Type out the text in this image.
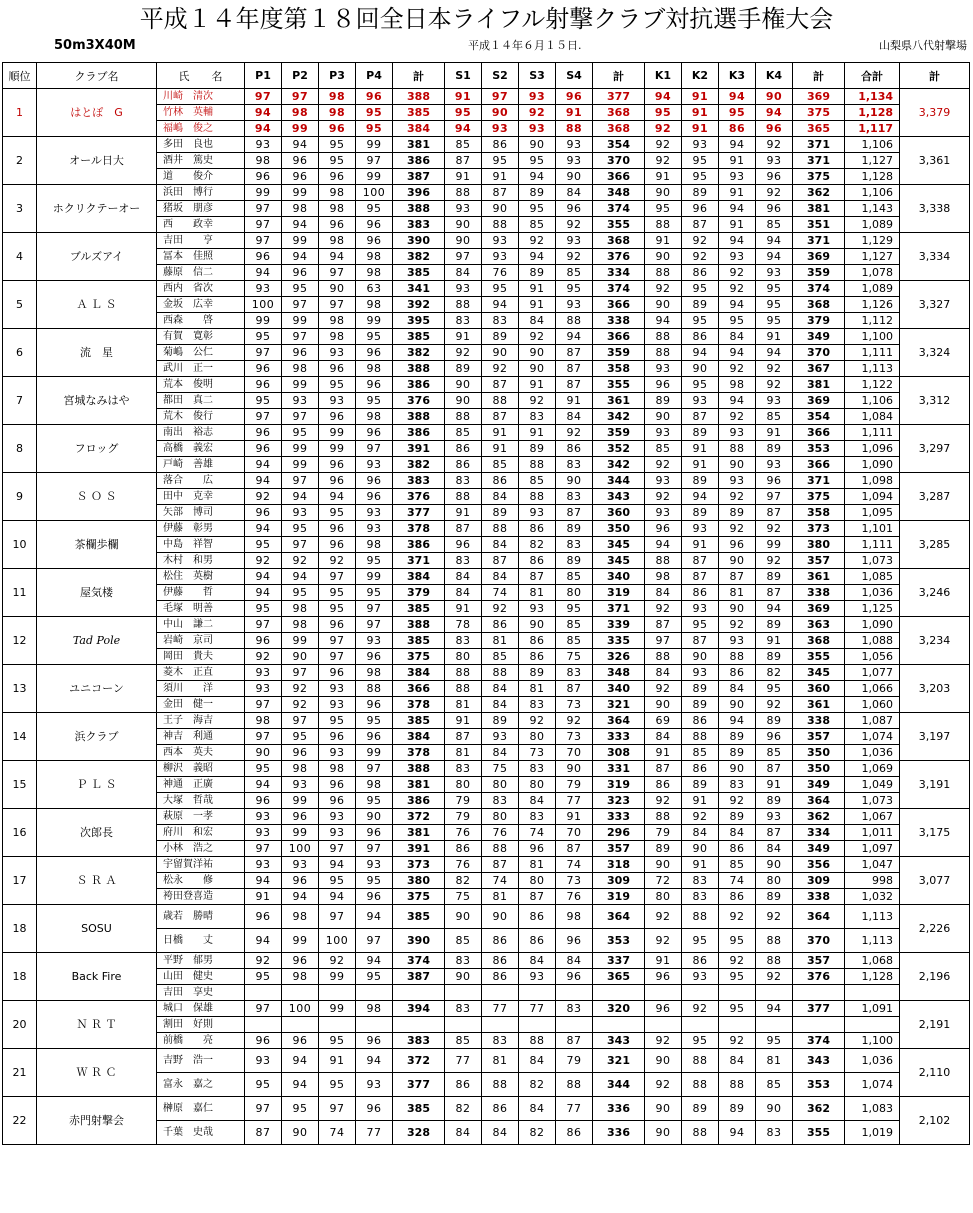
平成１４年度第１８回全日本ライフル射撃クラブ対抗選手権大会
50m3X40M	平成１４年６月１５日.	山梨県八代射撃場
順位	クラブ名	氏　　名	P1	P2	P3	P4	計	S1	S2	S3	S4	計	K1	K2	K3	K4	計	合計	計
1	はとぽ　G	川崎　清次	97	97	98	96	388	91	97	93	96	377	94	91	94	90	369	1,134	3,379
		竹林　英輔	94	98	98	95	385	95	90	92	91	368	95	91	95	94	375	1,128	
		福嶋　俊之	94	99	96	95	384	94	93	93	88	368	92	91	86	96	365	1,117	
2	オール日大	多田　良也	93	94	95	99	381	85	86	90	93	354	92	93	94	92	371	1,106	3,361
		酒井　篤史	98	96	95	97	386	87	95	95	93	370	92	95	91	93	371	1,127	
		道　　俊介	96	96	96	99	387	91	91	94	90	366	91	95	93	96	375	1,128	
3	ホクリクテーオー	浜田　博行	99	99	98	100	396	88	87	89	84	348	90	89	91	92	362	1,106	3,338
		猪坂　朋彦	97	98	98	95	388	93	90	95	96	374	95	96	94	96	381	1,143	
		西　　政幸	97	94	96	96	383	90	88	85	92	355	88	87	91	85	351	1,089	
4	ブルズアイ	吉田　　亨	97	99	98	96	390	90	93	92	93	368	91	92	94	94	371	1,129	3,334
		冨本　佳照	96	94	94	98	382	97	93	94	92	376	90	92	93	94	369	1,127	
		藤原　信二	94	96	97	98	385	84	76	89	85	334	88	86	92	93	359	1,078	
5	Ａ Ｌ Ｓ	西内　省次	93	95	90	63	341	93	95	91	95	374	92	95	92	95	374	1,089	3,327
		金坂　広幸	100	97	97	98	392	88	94	91	93	366	90	89	94	95	368	1,126	
		西森　　啓	99	99	98	99	395	83	83	84	88	338	94	95	95	95	379	1,112	
6	流　星	有賀　寛彰	95	97	98	95	385	91	89	92	94	366	88	86	84	91	349	1,100	3,324
		菊嶋　公仁	97	96	93	96	382	92	90	90	87	359	88	94	94	94	370	1,111	
		武川　正一	96	98	96	98	388	89	92	90	87	358	93	90	92	92	367	1,113	
7	宮城なみはや	荒本　俊明	96	99	95	96	386	90	87	91	87	355	96	95	98	92	381	1,122	3,312
		都田　真二	95	93	93	95	376	90	88	92	91	361	89	93	94	93	369	1,106	
		荒木　俊行	97	97	96	98	388	88	87	83	84	342	90	87	92	85	354	1,084	
8	フロッグ	南出　裕志	96	95	99	96	386	85	91	91	92	359	93	89	93	91	366	1,111	3,297
		高橋　義宏	96	99	99	97	391	86	91	89	86	352	85	91	88	89	353	1,096	
		戸崎　善雄	94	99	96	93	382	86	85	88	83	342	92	91	90	93	366	1,090	
9	Ｓ Ｏ Ｓ	落合　　広	94	97	96	96	383	83	86	85	90	344	93	89	93	96	371	1,098	3,287
		田中　克幸	92	94	94	96	376	88	84	88	83	343	92	94	92	97	375	1,094	
		矢部　博司	96	93	95	93	377	91	89	93	87	360	93	89	89	87	358	1,095	
10	茶欄歩欄	伊藤　彰男	94	95	96	93	378	87	88	86	89	350	96	93	92	92	373	1,101	3,285
		中島　祥智	95	97	96	98	386	96	84	82	83	345	94	91	96	99	380	1,111	
		木村　和男	92	92	92	95	371	83	87	86	89	345	88	87	90	92	357	1,073	
11	屋気楼	松住　英樹	94	94	97	99	384	84	84	87	85	340	98	87	87	89	361	1,085	3,246
		伊藤　　哲	94	95	95	95	379	84	74	81	80	319	84	86	81	87	338	1,036	
		毛塚　明善	95	98	95	97	385	91	92	93	95	371	92	93	90	94	369	1,125	
12	Tad Pole	中山　謙二	97	98	96	97	388	78	86	90	85	339	87	95	92	89	363	1,090	3,234
		岩崎　京司	96	99	97	93	385	83	81	86	85	335	97	87	93	91	368	1,088	
		岡田　貴夫	92	90	97	96	375	80	85	86	75	326	88	90	88	89	355	1,056	
13	ユニコーン	菱木　正直	93	97	96	98	384	88	88	89	83	348	84	93	86	82	345	1,077	3,203
		須川　　洋	93	92	93	88	366	88	84	81	87	340	92	89	84	95	360	1,066	
		金田　健一	97	92	93	96	378	81	84	83	73	321	90	89	90	92	361	1,060	
14	浜クラブ	王子　海吉	98	97	95	95	385	91	89	92	92	364	69	86	94	89	338	1,087	3,197
		神吉　利通	97	95	96	96	384	87	93	80	73	333	84	88	89	96	357	1,074	
		西本　英夫	90	96	93	99	378	81	84	73	70	308	91	85	89	85	350	1,036	
15	Ｐ Ｌ Ｓ	柳沢　義昭	95	98	98	97	388	83	75	83	90	331	87	86	90	87	350	1,069	3,191
		神通　正廣	94	93	96	98	381	80	80	80	79	319	86	89	83	91	349	1,049	
		大塚　哲哉	96	99	96	95	386	79	83	84	77	323	92	91	92	89	364	1,073	
16	次郎長	萩原　一孝	93	96	93	90	372	79	80	83	91	333	88	92	89	93	362	1,067	3,175
		府川　和宏	93	99	93	96	381	76	76	74	70	296	79	84	84	87	334	1,011	
		小林　浩之	97	100	97	97	391	86	88	96	87	357	89	90	86	84	349	1,097	
17	Ｓ Ｒ Ａ	宇留賀洋祐	93	93	94	93	373	76	87	81	74	318	90	91	85	90	356	1,047	3,077
		松永　　修	94	96	95	95	380	82	74	80	73	309	72	83	74	80	309	998	
		袴田登喜造	91	94	94	96	375	75	81	87	76	319	80	83	86	89	338	1,032	
18	SOSU	歳若　勝晴	96	98	97	94	385	90	90	86	98	364	92	88	92	92	364	1,113	2,226
		日橋　　丈	94	99	100	97	390	85	86	86	96	353	92	95	95	88	370	1,113	
18	Back Fire	平野　郁男	92	96	92	94	374	83	86	84	84	337	91	86	92	88	357	1,068	2,196
		山田　健史	95	98	99	95	387	90	86	93	96	365	96	93	95	92	376	1,128	
		吉田　享史																	
20	Ｎ Ｒ Ｔ	城口　保雄	97	100	99	98	394	83	77	77	83	320	96	92	95	94	377	1,091	2,191
		割田　好則																	
		前橋　　亮	96	96	95	96	383	85	83	88	87	343	92	95	92	95	374	1,100	
21	Ｗ Ｒ Ｃ	吉野　浩一	93	94	91	94	372	77	81	84	79	321	90	88	84	81	343	1,036	2,110
		富永　嘉之	95	94	95	93	377	86	88	82	88	344	92	88	88	85	353	1,074	
22	赤門射撃会	榊原　嘉仁	97	95	97	96	385	82	86	84	77	336	90	89	89	90	362	1,083	2,102
		千葉　史哉	87	90	74	77	328	84	84	82	86	336	90	88	94	83	355	1,019	
